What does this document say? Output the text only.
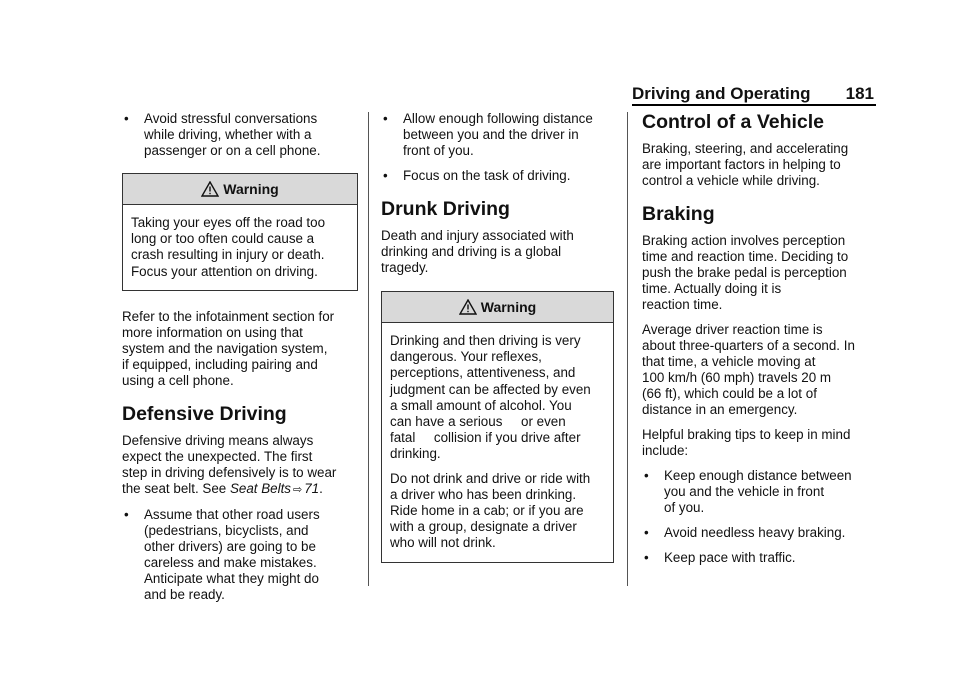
Driving and Operating 181
• Avoid stressful conversations
while driving, whether with a
passenger or on a cell phone.
Warning

Taking your eyes off the road too
long or too often could cause a
crash resulting in injury or death.
Focus your attention on driving.

Refer to the infotainment section for
more information on using that
system and the navigation system,
if equipped, including pairing and
using a cell phone.

Defensive Driving

Defensive driving means always
expect the unexpected. The first
step in driving defensively is to wear
the seat belt. See Seat Belts ⇨ 71.

• Assume that other road users
(pedestrians, bicyclists, and
other drivers) are going to be
careless and make mistakes.
Anticipate what they might do
and be ready.
• Allow enough following distance
between you and the driver in
front of you.
• Focus on the task of driving.
Drunk Driving

Death and injury associated with
drinking and driving is a global
tragedy.

Warning

Drinking and then driving is very
dangerous. Your reflexes,
perceptions, attentiveness, and
judgment can be affected by even
a small amount of alcohol. You
can have a serious     or even
fatal     collision if you drive after
drinking.

Do not drink and drive or ride with
a driver who has been drinking.
Ride home in a cab; or if you are
with a group, designate a driver
who will not drink.

Control of a Vehicle

Braking, steering, and accelerating
are important factors in helping to
control a vehicle while driving.

Braking

Braking action involves perception
time and reaction time. Deciding to
push the brake pedal is perception
time. Actually doing it is
reaction time.

Average driver reaction time is
about three-quarters of a second. In
that time, a vehicle moving at
100 km/h (60 mph) travels 20 m
(66 ft), which could be a lot of
distance in an emergency.

Helpful braking tips to keep in mind
include:

• Keep enough distance between
you and the vehicle in front
of you.
• Avoid needless heavy braking.
• Keep pace with traffic.
